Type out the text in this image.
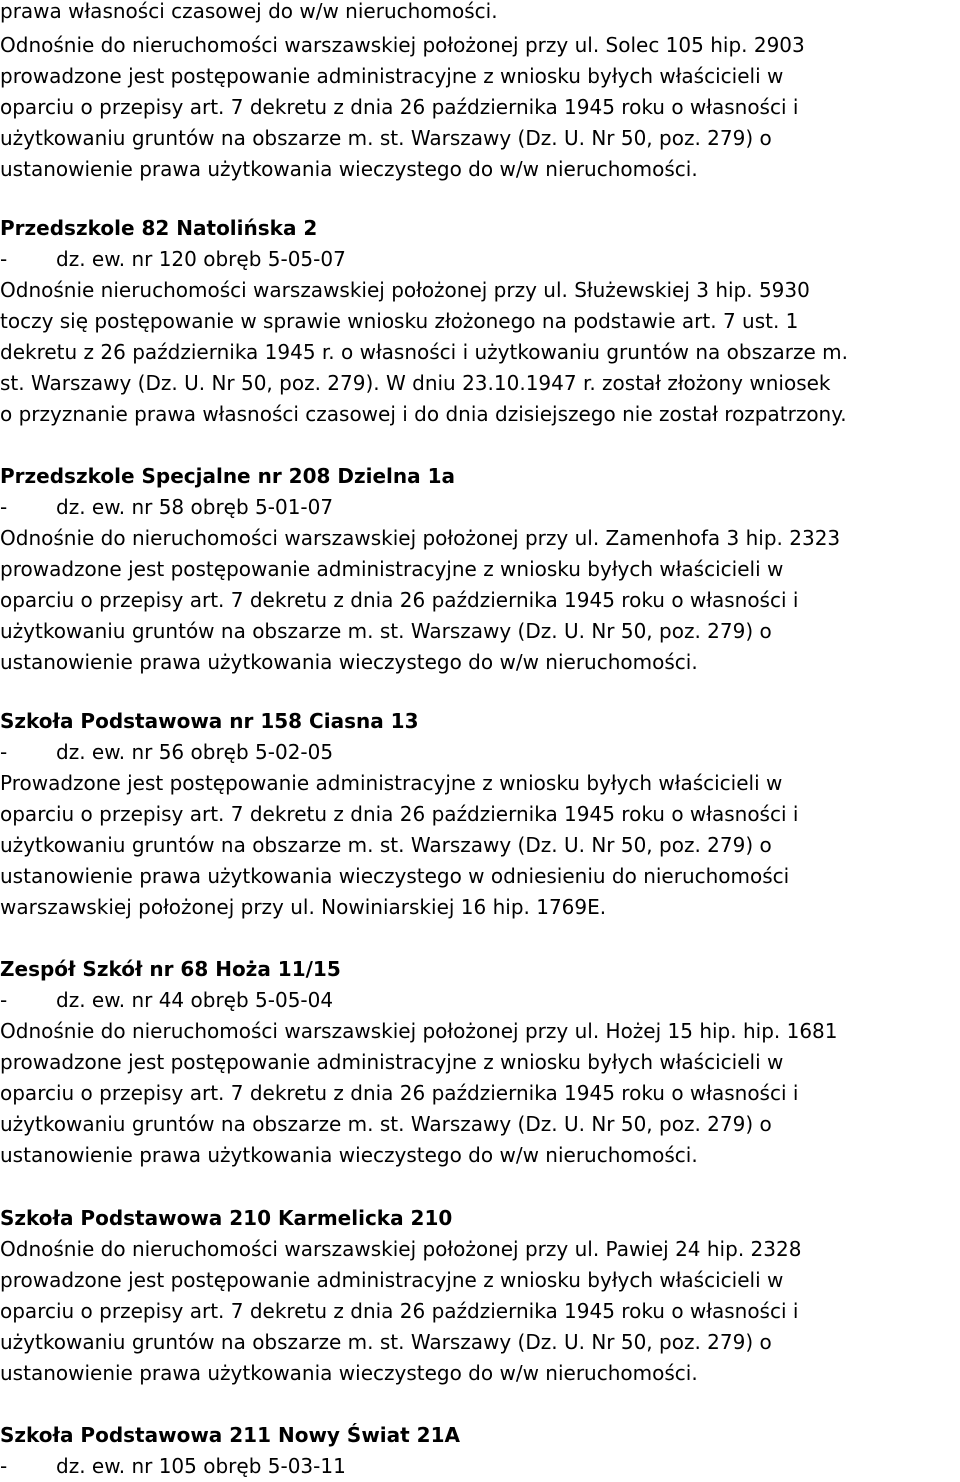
prawa własności czasowej do w/w nieruchomości.
Odnośnie do nieruchomości warszawskiej położonej przy ul. Solec 105 hip. 2903
prowadzone jest postępowanie administracyjne z wniosku byłych właścicieli w
oparciu o przepisy art. 7 dekretu z dnia 26 października 1945 roku o własności i
użytkowaniu gruntów na obszarze m. st. Warszawy (Dz. U. Nr 50, poz. 279) o
ustanowienie prawa użytkowania wieczystego do w/w nieruchomości.
Przedszkole 82 Natolińska 2
- dz. ew. nr 120 obręb 5-05-07
Odnośnie nieruchomości warszawskiej położonej przy ul. Służewskiej 3 hip. 5930
toczy się postępowanie w sprawie wniosku złożonego na podstawie art. 7 ust. 1
dekretu z 26 października 1945 r. o własności i użytkowaniu gruntów na obszarze m.
st. Warszawy (Dz. U. Nr 50, poz. 279). W dniu 23.10.1947 r. został złożony wniosek
o przyznanie prawa własności czasowej i do dnia dzisiejszego nie został rozpatrzony.
Przedszkole Specjalne nr 208 Dzielna 1a
- dz. ew. nr 58 obręb 5-01-07
Odnośnie do nieruchomości warszawskiej położonej przy ul. Zamenhofa 3 hip. 2323
prowadzone jest postępowanie administracyjne z wniosku byłych właścicieli w
oparciu o przepisy art. 7 dekretu z dnia 26 października 1945 roku o własności i
użytkowaniu gruntów na obszarze m. st. Warszawy (Dz. U. Nr 50, poz. 279) o
ustanowienie prawa użytkowania wieczystego do w/w nieruchomości.
Szkoła Podstawowa nr 158 Ciasna 13
- dz. ew. nr 56 obręb 5-02-05
Prowadzone jest postępowanie administracyjne z wniosku byłych właścicieli w
oparciu o przepisy art. 7 dekretu z dnia 26 października 1945 roku o własności i
użytkowaniu gruntów na obszarze m. st. Warszawy (Dz. U. Nr 50, poz. 279) o
ustanowienie prawa użytkowania wieczystego w odniesieniu do nieruchomości
warszawskiej położonej przy ul. Nowiniarskiej 16 hip. 1769E.
Zespół Szkół nr 68 Hoża 11/15
- dz. ew. nr 44 obręb 5-05-04
Odnośnie do nieruchomości warszawskiej położonej przy ul. Hożej 15 hip. hip. 1681
prowadzone jest postępowanie administracyjne z wniosku byłych właścicieli w
oparciu o przepisy art. 7 dekretu z dnia 26 października 1945 roku o własności i
użytkowaniu gruntów na obszarze m. st. Warszawy (Dz. U. Nr 50, poz. 279) o
ustanowienie prawa użytkowania wieczystego do w/w nieruchomości.
Szkoła Podstawowa 210 Karmelicka 210
Odnośnie do nieruchomości warszawskiej położonej przy ul. Pawiej 24 hip. 2328
prowadzone jest postępowanie administracyjne z wniosku byłych właścicieli w
oparciu o przepisy art. 7 dekretu z dnia 26 października 1945 roku o własności i
użytkowaniu gruntów na obszarze m. st. Warszawy (Dz. U. Nr 50, poz. 279) o
ustanowienie prawa użytkowania wieczystego do w/w nieruchomości.
Szkoła Podstawowa 211 Nowy Świat 21A
- dz. ew. nr 105 obręb 5-03-11
